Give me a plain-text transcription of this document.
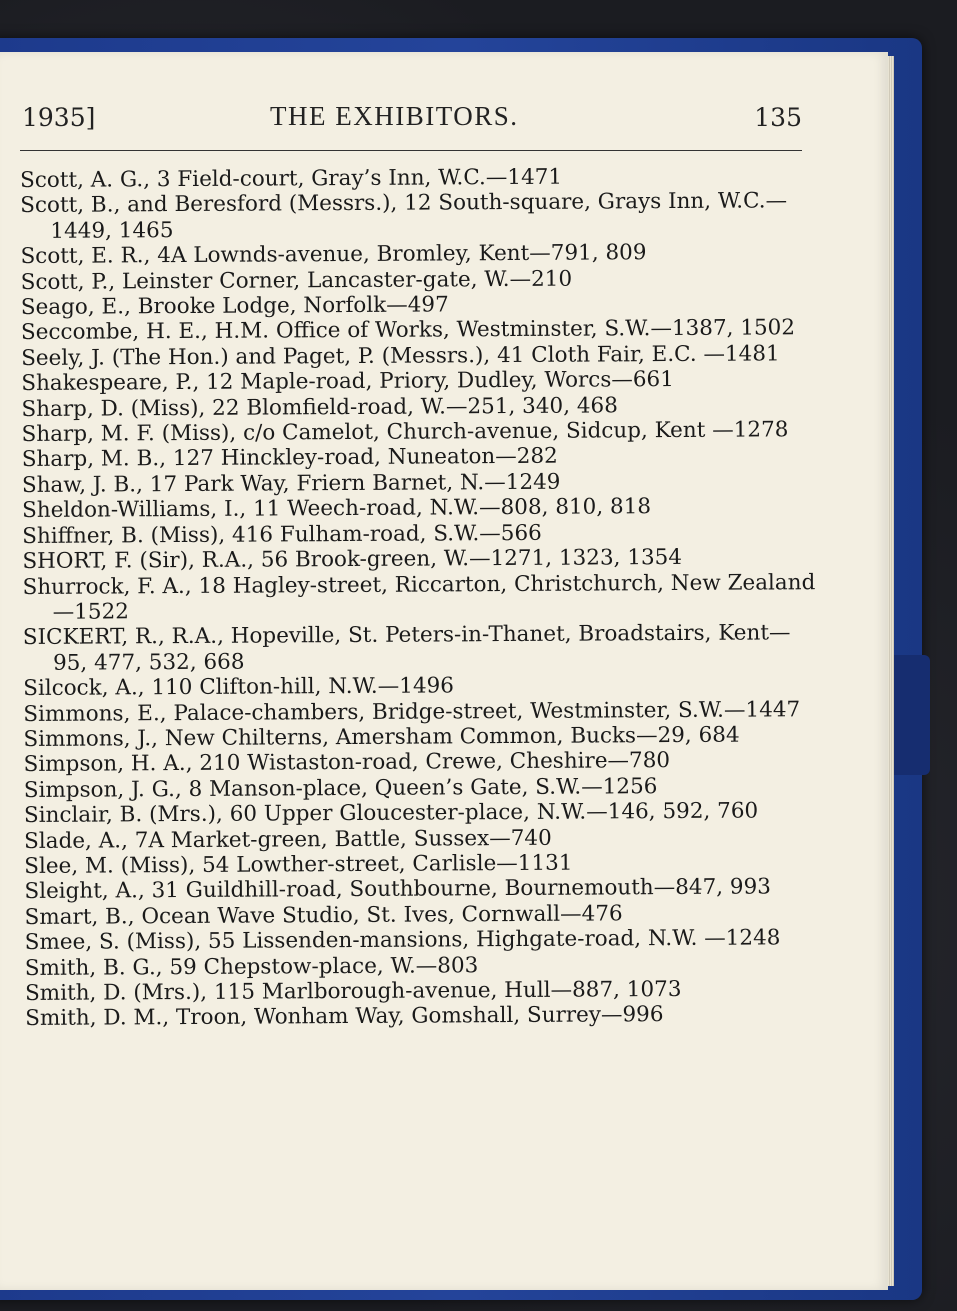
1935]	THE EXHIBITORS.	135

Scott, A. G., 3 Field-court, Gray’s Inn, W.C.—1471

Scott, B., and Beresford (Messrs.), 12 South-square, Grays Inn, W.C.—1449, 1465

Scott, E. R., 4A Lownds-avenue, Bromley, Kent—791, 809

Scott, P., Leinster Corner, Lancaster-gate, W.—210

Seago, E., Brooke Lodge, Norfolk—497

Seccombe, H. E., H.M. Office of Works, Westminster, S.W.—1387, 1502

Seely, J. (The Hon.) and Paget, P. (Messrs.), 41 Cloth Fair, E.C. —1481

Shakespeare, P., 12 Maple-road, Priory, Dudley, Worcs—661

Sharp, D. (Miss), 22 Blomfield-road, W.—251, 340, 468

Sharp, M. F. (Miss), c/o Camelot, Church-avenue, Sidcup, Kent —1278

Sharp, M. B., 127 Hinckley-road, Nuneaton—282

Shaw, J. B., 17 Park Way, Friern Barnet, N.—1249

Sheldon-Williams, I., 11 Weech-road, N.W.—808, 810, 818

Shiffner, B. (Miss), 416 Fulham-road, S.W.—566

SHORT, F. (Sir), R.A., 56 Brook-green, W.—1271, 1323, 1354

Shurrock, F. A., 18 Hagley-street, Riccarton, Christchurch, New Zealand—1522

SICKERT, R., R.A., Hopeville, St. Peters-in-Thanet, Broadstairs, Kent—95, 477, 532, 668

Silcock, A., 110 Clifton-hill, N.W.—1496

Simmons, E., Palace-chambers, Bridge-street, Westminster, S.W.—1447

Simmons, J., New Chilterns, Amersham Common, Bucks—29, 684

Simpson, H. A., 210 Wistaston-road, Crewe, Cheshire—780

Simpson, J. G., 8 Manson-place, Queen’s Gate, S.W.—1256

Sinclair, B. (Mrs.), 60 Upper Gloucester-place, N.W.—146, 592, 760

Slade, A., 7A Market-green, Battle, Sussex—740

Slee, M. (Miss), 54 Lowther-street, Carlisle—1131

Sleight, A., 31 Guildhill-road, Southbourne, Bournemouth—847, 993

Smart, B., Ocean Wave Studio, St. Ives, Cornwall—476

Smee, S. (Miss), 55 Lissenden-mansions, Highgate-road, N.W. —1248

Smith, B. G., 59 Chepstow-place, W.—803

Smith, D. (Mrs.), 115 Marlborough-avenue, Hull—887, 1073

Smith, D. M., Troon, Wonham Way, Gomshall, Surrey—996
